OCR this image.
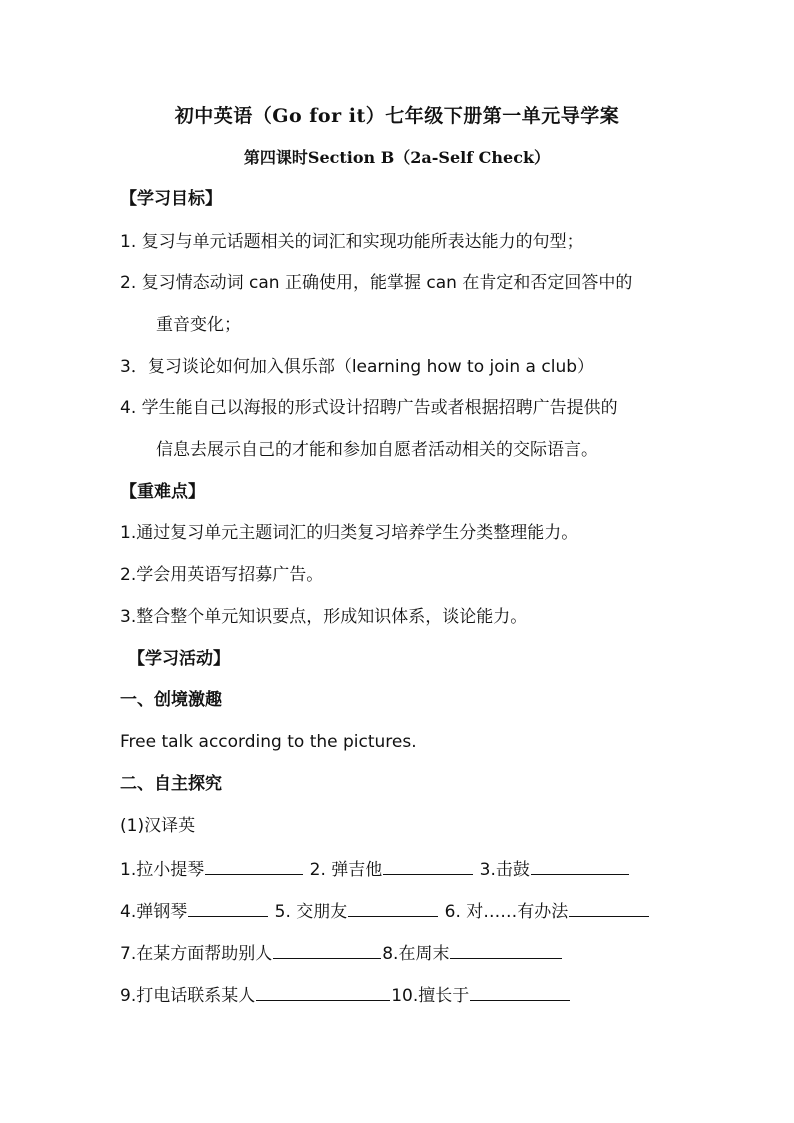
初中英语（Go for it）七年级下册第一单元导学案
第四课时Section B（2a-Self Check）
【学习目标】
1. 复习与单元话题相关的词汇和实现功能所表达能力的句型；
2. 复习情态动词 can 正确使用，能掌握 can 在肯定和否定回答中的
重音变化；
3．复习谈论如何加入俱乐部（learning how to join a club）
4. 学生能自己以海报的形式设计招聘广告或者根据招聘广告提供的
信息去展示自己的才能和参加自愿者活动相关的交际语言。
【重难点】
1.通过复习单元主题词汇的归类复习培养学生分类整理能力。
2.学会用英语写招募广告。
3.整合整个单元知识要点，形成知识体系，谈论能力。
【学习活动】
一、创境激趣
Free talk according to the pictures.
二、自主探究
(1)汉译英
1.拉小提琴	2. 弹吉他	3.击鼓
4.弹钢琴	5. 交朋友	6. 对……有办法
7.在某方面帮助别人	8.在周末
9.打电话联系某人	10.擅长于
